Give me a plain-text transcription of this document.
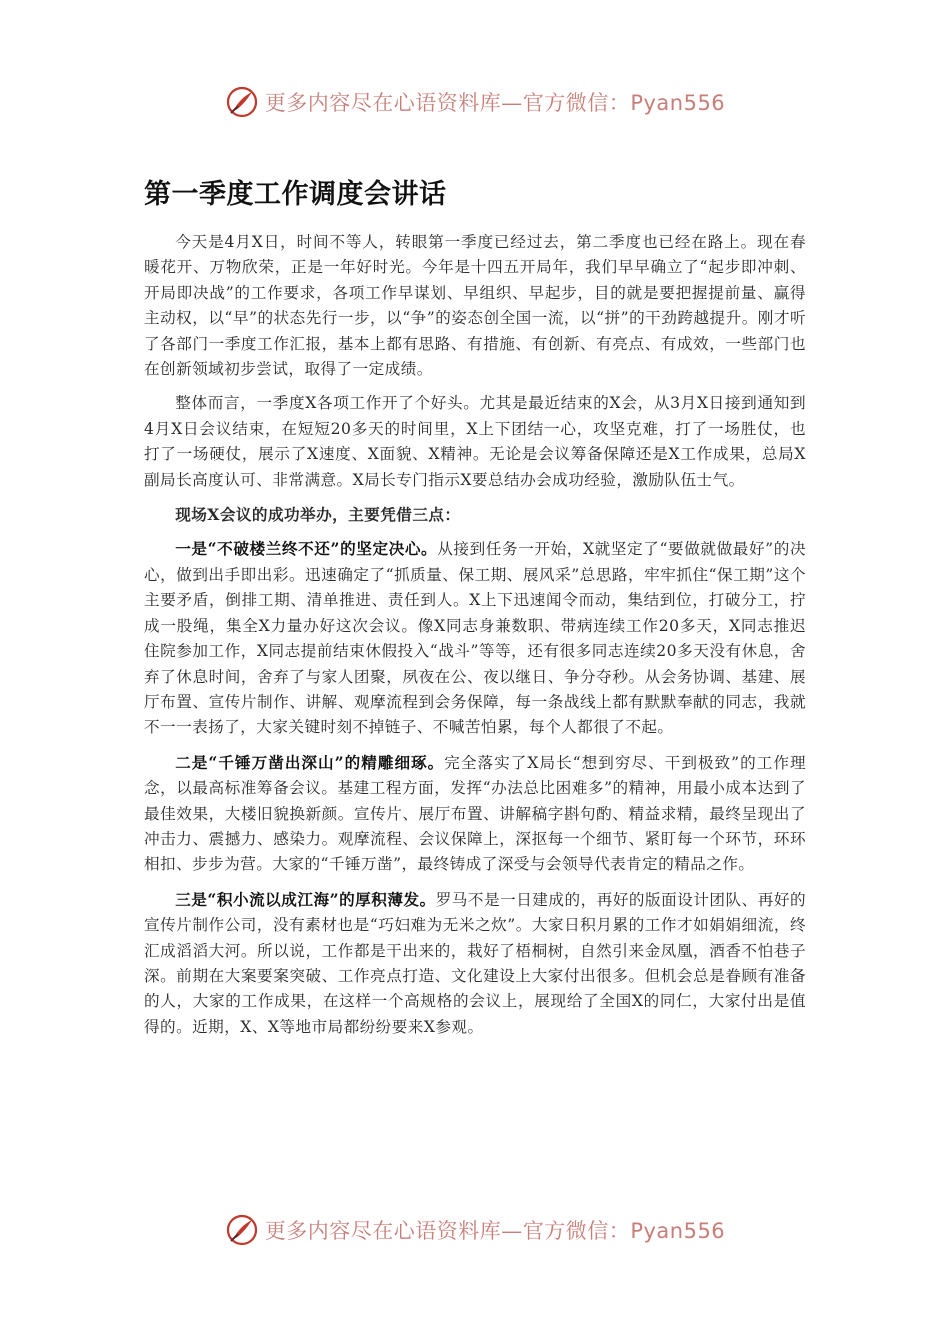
更多内容尽在心语资料库—官方微信：Pyan556
第一季度工作调度会讲话

今天是4月X日，时间不等人，转眼第一季度已经过去，第二季度也已经在路上。现在春暖花开、万物欣荣，正是一年好时光。今年是十四五开局年，我们早早确立了“起步即冲刺、开局即决战”的工作要求，各项工作早谋划、早组织、早起步，目的就是要把握提前量、赢得主动权，以“早”的状态先行一步，以“争”的姿态创全国一流，以“拼”的干劲跨越提升。刚才听了各部门一季度工作汇报，基本上都有思路、有措施、有创新、有亮点、有成效，一些部门也在创新领域初步尝试，取得了一定成绩。

整体而言，一季度X各项工作开了个好头。尤其是最近结束的X会，从3月X日接到通知到4月X日会议结束，在短短20多天的时间里，X上下团结一心，攻坚克难，打了一场胜仗，也打了一场硬仗，展示了X速度、X面貌、X精神。无论是会议筹备保障还是X工作成果，总局X副局长高度认可、非常满意。X局长专门指示X要总结办会成功经验，激励队伍士气。

现场X会议的成功举办，主要凭借三点：

一是“不破楼兰终不还”的坚定决心。从接到任务一开始，X就坚定了“要做就做最好”的决心，做到出手即出彩。迅速确定了“抓质量、保工期、展风采”总思路，牢牢抓住“保工期”这个主要矛盾，倒排工期、清单推进、责任到人。X上下迅速闻令而动，集结到位，打破分工，拧成一股绳，集全X力量办好这次会议。像X同志身兼数职、带病连续工作20多天，X同志推迟住院参加工作，X同志提前结束休假投入“战斗”等等，还有很多同志连续20多天没有休息，舍弃了休息时间，舍弃了与家人团聚，夙夜在公、夜以继日、争分夺秒。从会务协调、基建、展厅布置、宣传片制作、讲解、观摩流程到会务保障，每一条战线上都有默默奉献的同志，我就不一一表扬了，大家关键时刻不掉链子、不喊苦怕累，每个人都很了不起。

二是“千锤万凿出深山”的精雕细琢。完全落实了X局长“想到穷尽、干到极致”的工作理念，以最高标准筹备会议。基建工程方面，发挥“办法总比困难多”的精神，用最小成本达到了最佳效果，大楼旧貌换新颜。宣传片、展厅布置、讲解稿字斟句酌、精益求精，最终呈现出了冲击力、震撼力、感染力。观摩流程、会议保障上，深抠每一个细节、紧盯每一个环节，环环相扣、步步为营。大家的“千锤万凿”，最终铸成了深受与会领导代表肯定的精品之作。

三是“积小流以成江海”的厚积薄发。罗马不是一日建成的，再好的版面设计团队、再好的宣传片制作公司，没有素材也是“巧妇难为无米之炊”。大家日积月累的工作才如娟娟细流，终汇成滔滔大河。所以说，工作都是干出来的，栽好了梧桐树，自然引来金凤凰，酒香不怕巷子深。前期在大案要案突破、工作亮点打造、文化建设上大家付出很多。但机会总是眷顾有准备的人，大家的工作成果，在这样一个高规格的会议上，展现给了全国X的同仁，大家付出是值得的。近期，X、X等地市局都纷纷要来X参观。

更多内容尽在心语资料库—官方微信：Pyan556
